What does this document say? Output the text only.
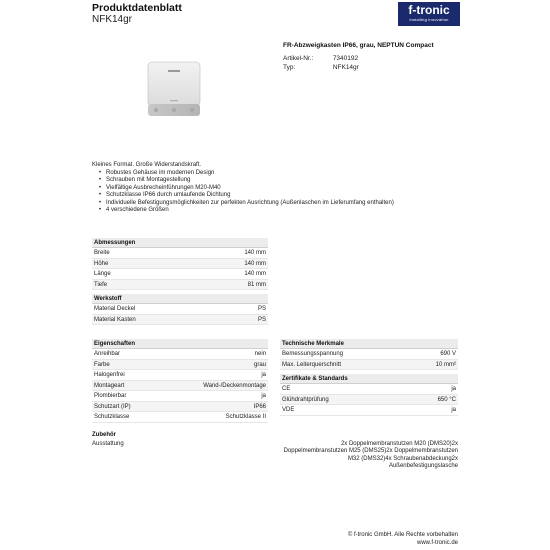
Produktdatenblatt
NFK14gr
f-tronic
installing innovation
FR-Abzweigkasten IP66, grau, NEPTUN Compact
Artikel-Nr.:	7340192
Typ:	NFK14gr
Kleines Format. Große Widerstandskraft.
• Robustes Gehäuse im modernen Design
• Schrauben mit Montagestellung
• Vielfältige Ausbrecheinführungen M20-M40
• Schutzklasse IP66 durch umlaufende Dichtung
• Individuelle Befestigungsmöglichkeiten zur perfekten Ausrichtung (Außenlaschen im Lieferumfang enthalten)
• 4 verschiedene Größen
Abmessungen
Breite	140 mm
Höhe	140 mm
Länge	140 mm
Tiefe	81 mm
Werkstoff
Material Deckel	PS
Material Kasten	PS
Eigenschaften
Anreihbar	nein
Farbe	grau
Halogenfrei	ja
Montageart	Wand-/Deckenmontage
Plombierbar	ja
Schutzart (IP)	IP66
Schutzklasse	Schutzklasse II
Technische Merkmale
Bemessungsspannung	690 V
Max. Leiterquerschnitt	10 mm²
Zertifikate & Standards
CE	ja
Glühdrahtprüfung	650 °C
VDE	ja
Zubehör
Ausstattung	2x Doppelmembranstutzen M20 (DMS20)2x
Doppelmembranstutzen M25 (DMS25)2x Doppelmembranstutzen
M32 (DMS32)4x Schraubenabdeckung2x
Außenbefestigungslasche
© f-tronic GmbH. Alle Rechte vorbehalten
www.f-tronic.de
